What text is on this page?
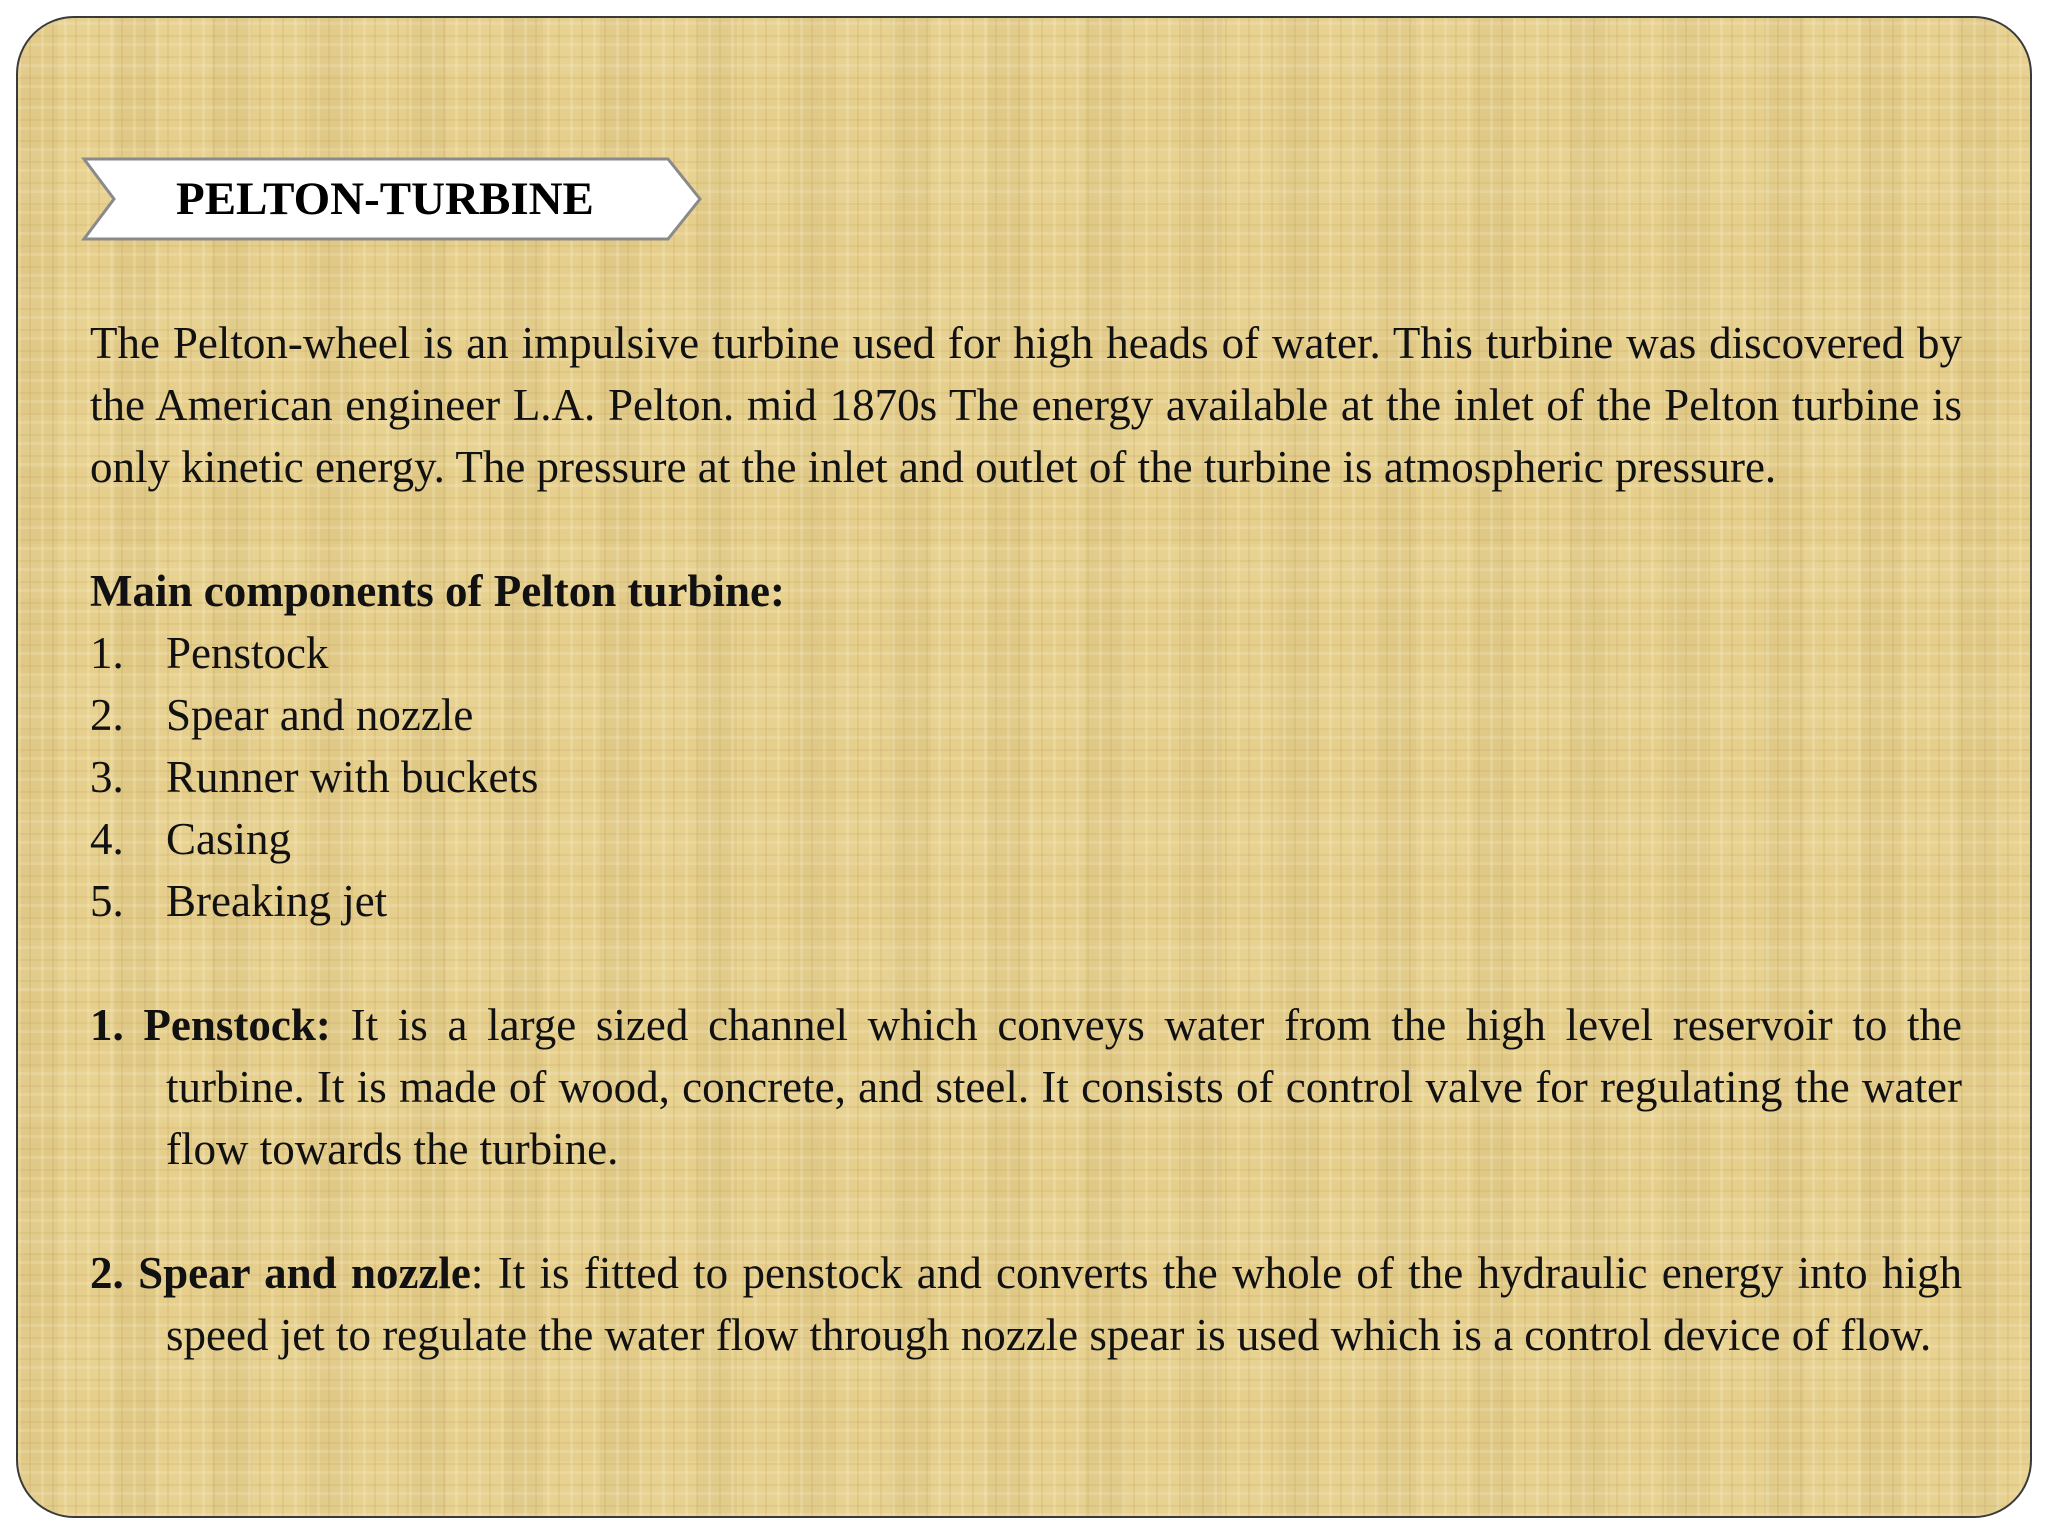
PELTON-TURBINE

The Pelton-wheel is an impulsive turbine used for high heads of water. This turbine was discovered by the American engineer L.A. Pelton. mid 1870s The energy available at the inlet of the Pelton turbine is only kinetic energy. The pressure at the inlet and outlet of the turbine is atmospheric pressure.

Main components of Pelton turbine:

1. Penstock
2. Spear and nozzle
3. Runner with buckets
4. Casing
5. Breaking jet

1. Penstock: It is a large sized channel which conveys water from the high level reservoir to the turbine. It is made of wood, concrete, and steel. It consists of control valve for regulating the water flow towards the turbine.

2. Spear and nozzle: It is fitted to penstock and converts the whole of the hydraulic energy into high speed jet to regulate the water flow through nozzle spear is used which is a control device of flow.
